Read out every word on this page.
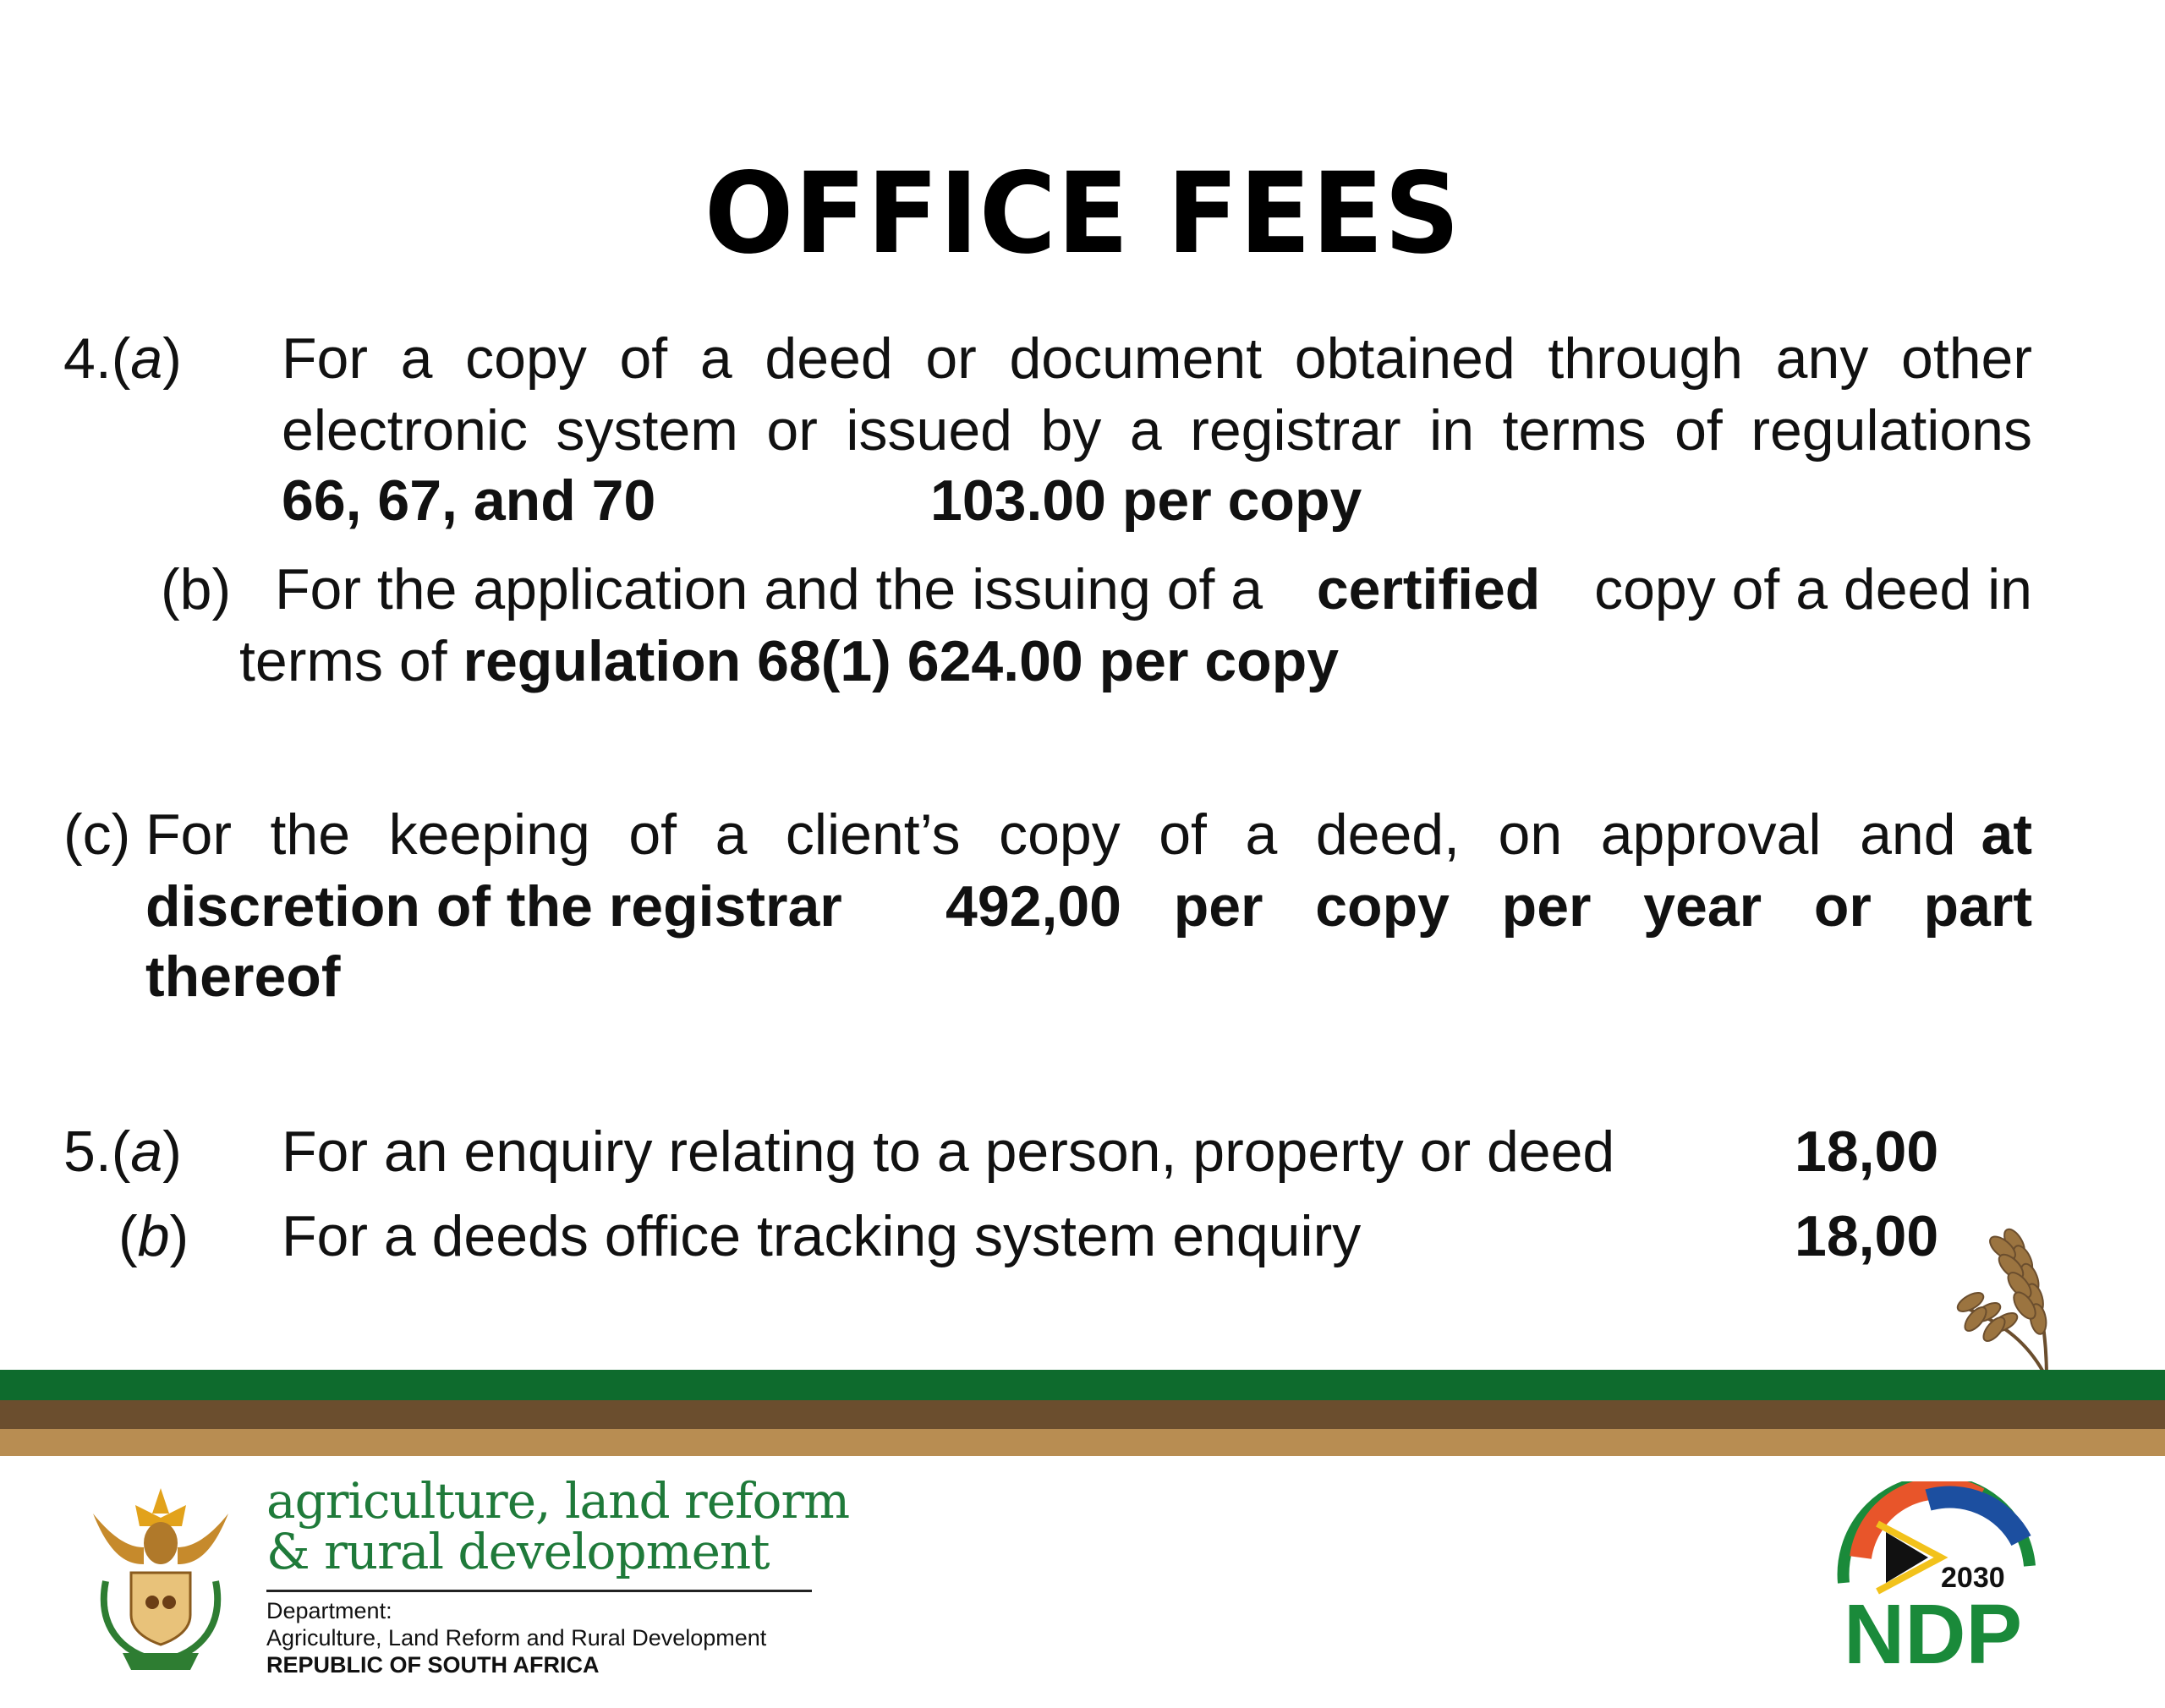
OFFICE FEES
4.(a) For a copy of a deed or document obtained through any other
electronic system or issued by a registrar in terms of regulations
66, 67, and 70	103.00 per copy
(b) For the application and the issuing of a certified copy of a deed in
terms of regulation 68(1) 624.00 per copy
(c) For the keeping of a client’s copy of a deed, on approval and at
discretion of the registrar 492,00 per copy per year or part
thereof
5.(a) For an enquiry relating to a person, property or deed	18,00
(b) For a deeds office tracking system enquiry	18,00
agriculture, land reform
& rural development
Department:
Agriculture, Land Reform and Rural Development
REPUBLIC OF SOUTH AFRICA
2030
NDP
